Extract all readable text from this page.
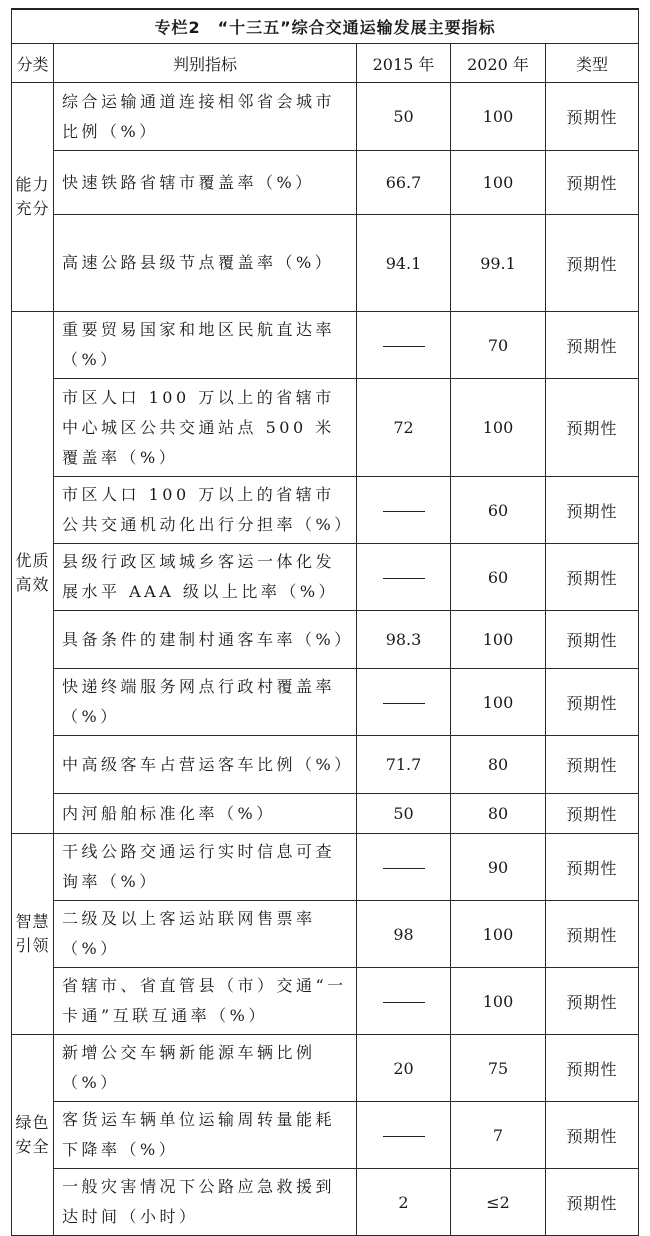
专栏2　“十三五”综合交通运输发展主要指标				
分类	判别指标	2015 年	2020 年	类型

能力
充分	综合运输通道连接相邻省会城市比例（%）	50	100	预期性
	快速铁路省辖市覆盖率（%）	66.7	100	预期性
	高速公路县级节点覆盖率（%）	94.1	99.1	预期性

优质
高效	重要贸易国家和地区民航直达率（%）		70	预期性
	市区人口 100 万以上的省辖市中心城区公共交通站点 500 米覆盖率（%）	72	100	预期性
	市区人口 100 万以上的省辖市公共交通机动化出行分担率（%）		60	预期性
	县级行政区域城乡客运一体化发展水平 AAA 级以上比率（%）		60	预期性
	具备条件的建制村通客车率（%）	98.3	100	预期性
	快递终端服务网点行政村覆盖率（%）		100	预期性
	中高级客车占营运客车比例（%）	71.7	80	预期性
	内河船舶标准化率（%）	50	80	预期性

智慧
引领	干线公路交通运行实时信息可查询率（%）		90	预期性
	二级及以上客运站联网售票率（%）	98	100	预期性
	省辖市、省直管县（市）交通“一卡通”互联互通率（%）		100	预期性

绿色
安全	新增公交车辆新能源车辆比例（%）	20	75	预期性
	客货运车辆单位运输周转量能耗下降率（%）		7	预期性
	一般灾害情况下公路应急救援到达时间（小时）	2	≤2	预期性
